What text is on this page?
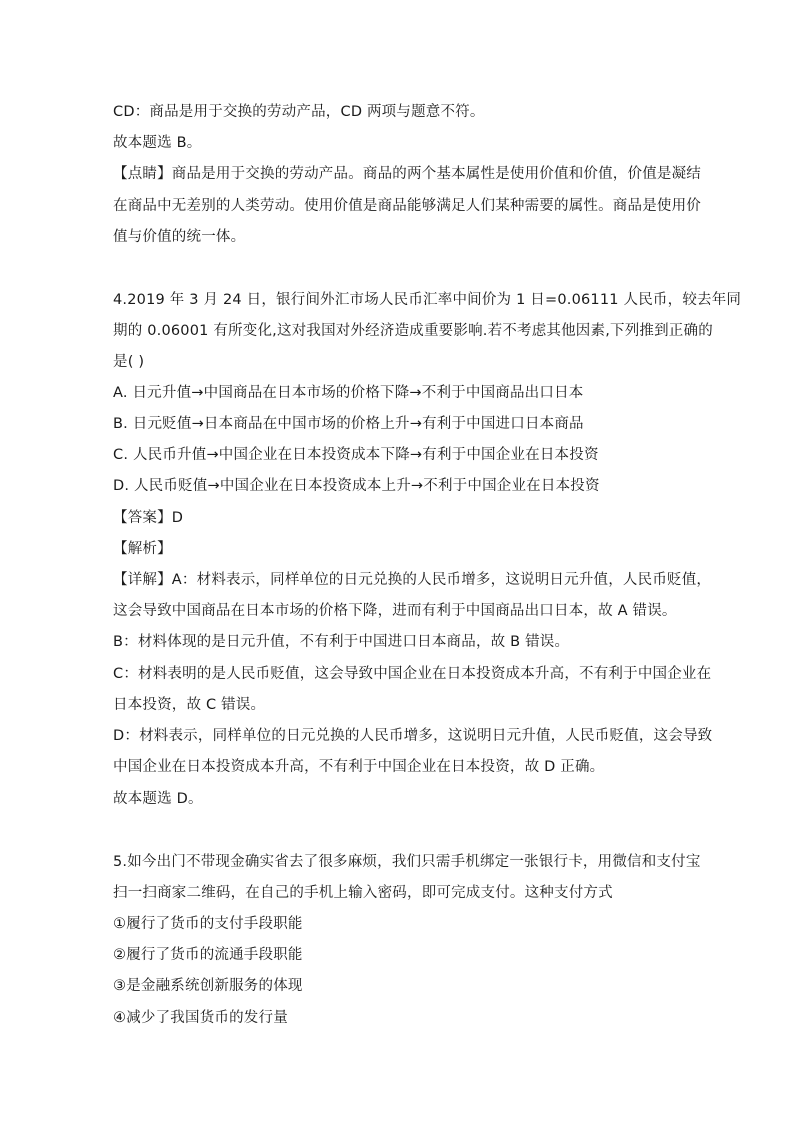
CD：商品是用于交换的劳动产品，CD 两项与题意不符。
故本题选 B。
【点睛】商品是用于交换的劳动产品。商品的两个基本属性是使用价值和价值，价值是凝结
在商品中无差别的人类劳动。使用价值是商品能够满足人们某种需要的属性。商品是使用价
值与价值的统一体。
4.2019 年 3 月 24 日，银行间外汇市场人民币汇率中间价为 1 日=0.06111 人民币，较去年同
期的 0.06001 有所变化,这对我国对外经济造成重要影响.若不考虑其他因素,下列推到正确的
是( )
A. 日元升值→中国商品在日本市场的价格下降→不利于中国商品出口日本
B. 日元贬值→日本商品在中国市场的价格上升→有利于中国进口日本商品
C. 人民币升值→中国企业在日本投资成本下降→有利于中国企业在日本投资
D. 人民币贬值→中国企业在日本投资成本上升→不利于中国企业在日本投资
【答案】D
【解析】
【详解】A：材料表示，同样单位的日元兑换的人民币增多，这说明日元升值，人民币贬值，
这会导致中国商品在日本市场的价格下降，进而有利于中国商品出口日本，故 A 错误。
B：材料体现的是日元升值，不有利于中国进口日本商品，故 B 错误。
C：材料表明的是人民币贬值，这会导致中国企业在日本投资成本升高，不有利于中国企业在
日本投资，故 C 错误。
D：材料表示，同样单位的日元兑换的人民币增多，这说明日元升值，人民币贬值，这会导致
中国企业在日本投资成本升高，不有利于中国企业在日本投资，故 D 正确。
故本题选 D。
5.如今出门不带现金确实省去了很多麻烦，我们只需手机绑定一张银行卡，用微信和支付宝
扫一扫商家二维码，在自己的手机上输入密码，即可完成支付。这种支付方式
①履行了货币的支付手段职能
②履行了货币的流通手段职能
③是金融系统创新服务的体现
④减少了我国货币的发行量
